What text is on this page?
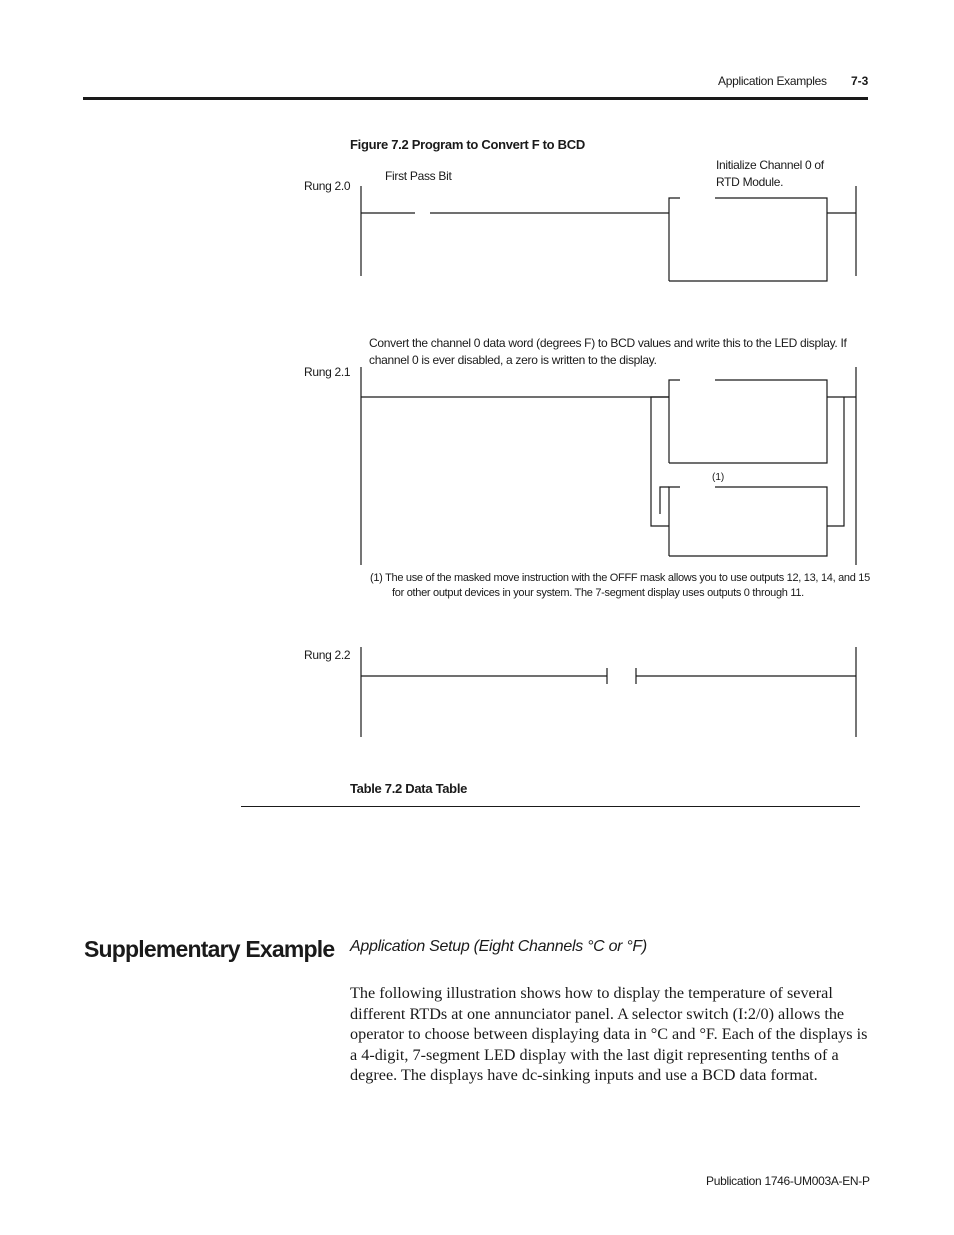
Application Examples 7-3
Figure 7.2 Program to Convert F to BCD
Rung 2.0
First Pass Bit
Initialize Channel 0 of
RTD Module.
Convert the channel 0 data word (degrees F) to BCD values and write this to the LED display. If
channel 0 is ever disabled, a zero is written to the display.
Rung 2.1
(1)
(1) The use of the masked move instruction with the OFFF mask allows you to use outputs 12, 13, 14, and 15
for other output devices in your system. The 7-segment display uses outputs 0 through 11.
Rung 2.2
Table 7.2 Data Table
Supplementary Example Application Setup (Eight Channels °C or °F)
The following illustration shows how to display the temperature of several different RTDs at one annunciator panel. A selector switch (I:2/0) allows the operator to choose between displaying data in °C and °F. Each of the displays is a 4-digit, 7-segment LED display with the last digit representing tenths of a degree. The displays have dc-sinking inputs and use a BCD data format.
Publication 1746-UM003A-EN-P
